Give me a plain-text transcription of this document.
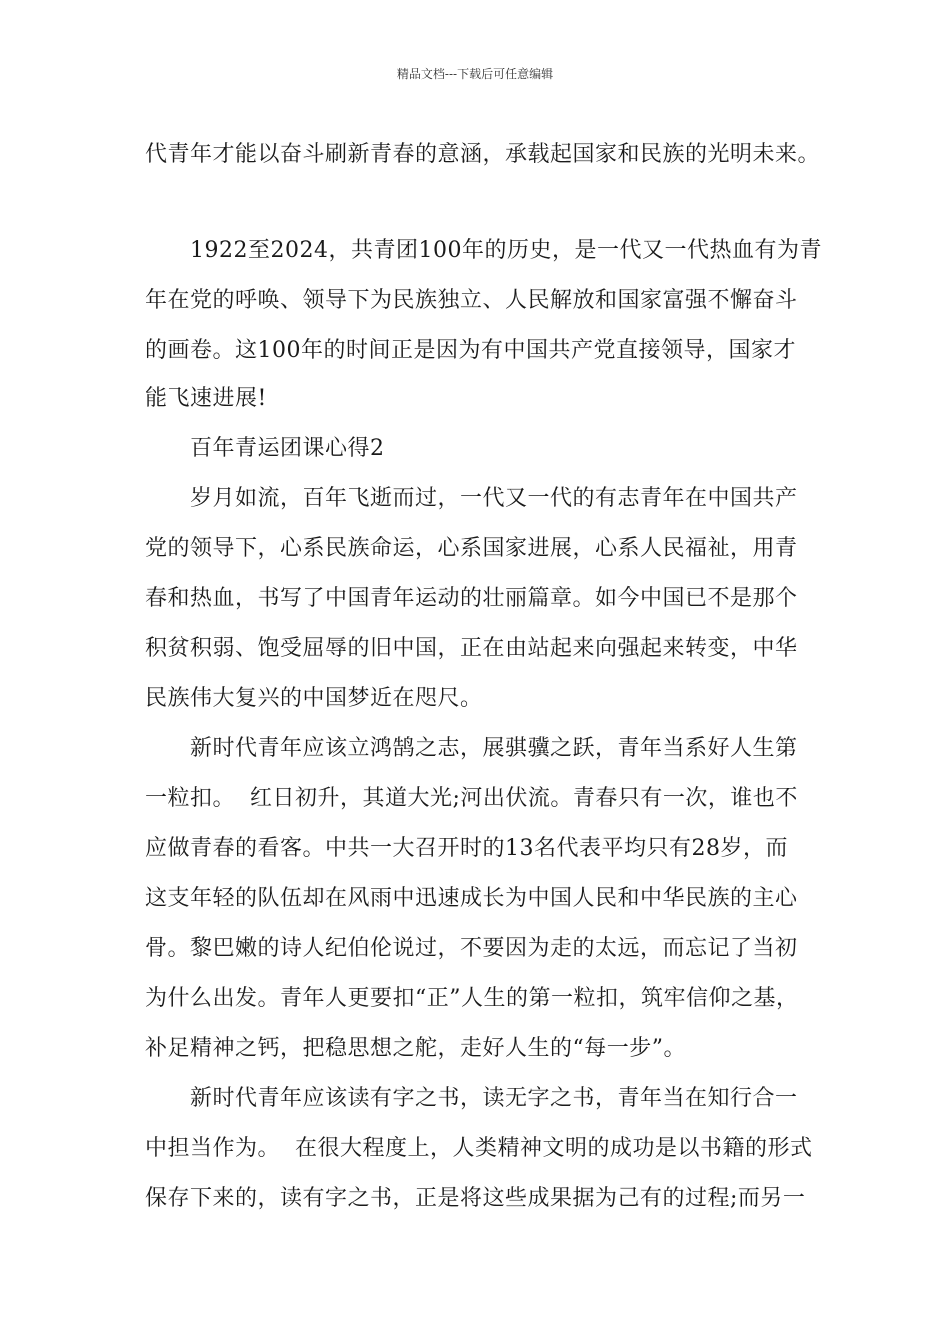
精品文档---下载后可任意编辑
代青年才能以奋斗刷新青春的意涵，承载起国家和民族的光明未来。
1922至2024，共青团100年的历史，是一代又一代热血有为青
年在党的呼唤、领导下为民族独立、人民解放和国家富强不懈奋斗
的画卷。这100年的时间正是因为有中国共产党直接领导，国家才
能飞速进展!
百年青运团课心得2
岁月如流，百年飞逝而过，一代又一代的有志青年在中国共产
党的领导下，心系民族命运，心系国家进展，心系人民福祉，用青
春和热血，书写了中国青年运动的壮丽篇章。如今中国已不是那个
积贫积弱、饱受屈辱的旧中国，正在由站起来向强起来转变，中华
民族伟大复兴的中国梦近在咫尺。
新时代青年应该立鸿鹄之志，展骐骥之跃，青年当系好人生第
一粒扣。  红日初升，其道大光;河出伏流。青春只有一次，谁也不
应做青春的看客。中共一大召开时的13名代表平均只有28岁，而
这支年轻的队伍却在风雨中迅速成长为中国人民和中华民族的主心
骨。黎巴嫩的诗人纪伯伦说过，不要因为走的太远，而忘记了当初
为什么出发。青年人更要扣“正”人生的第一粒扣，筑牢信仰之基，
补足精神之钙，把稳思想之舵，走好人生的“每一步”。
新时代青年应该读有字之书，读无字之书，青年当在知行合一
中担当作为。  在很大程度上，人类精神文明的成功是以书籍的形式
保存下来的，读有字之书，正是将这些成果据为己有的过程;而另一
